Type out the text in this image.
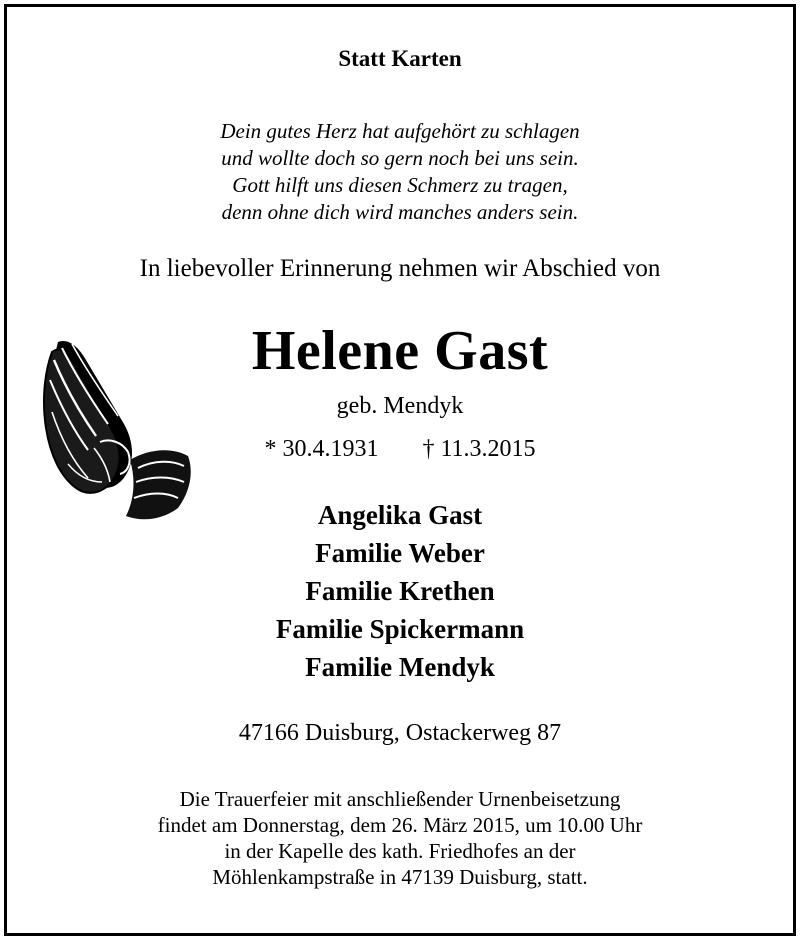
Statt Karten
Dein gutes Herz hat aufgehört zu schlagen
und wollte doch so gern noch bei uns sein.
Gott hilft uns diesen Schmerz zu tragen,
denn ohne dich wird manches anders sein.
In liebevoller Erinnerung nehmen wir Abschied von
Helene Gast
geb. Mendyk
* 30.4.1931 † 11.3.2015
Angelika Gast
Familie Weber
Familie Krethen
Familie Spickermann
Familie Mendyk
47166 Duisburg, Ostackerweg 87
Die Trauerfeier mit anschließender Urnenbeisetzung
findet am Donnerstag, dem 26. März 2015, um 10.00 Uhr
in der Kapelle des kath. Friedhofes an der
Möhlenkampstraße in 47139 Duisburg, statt.
